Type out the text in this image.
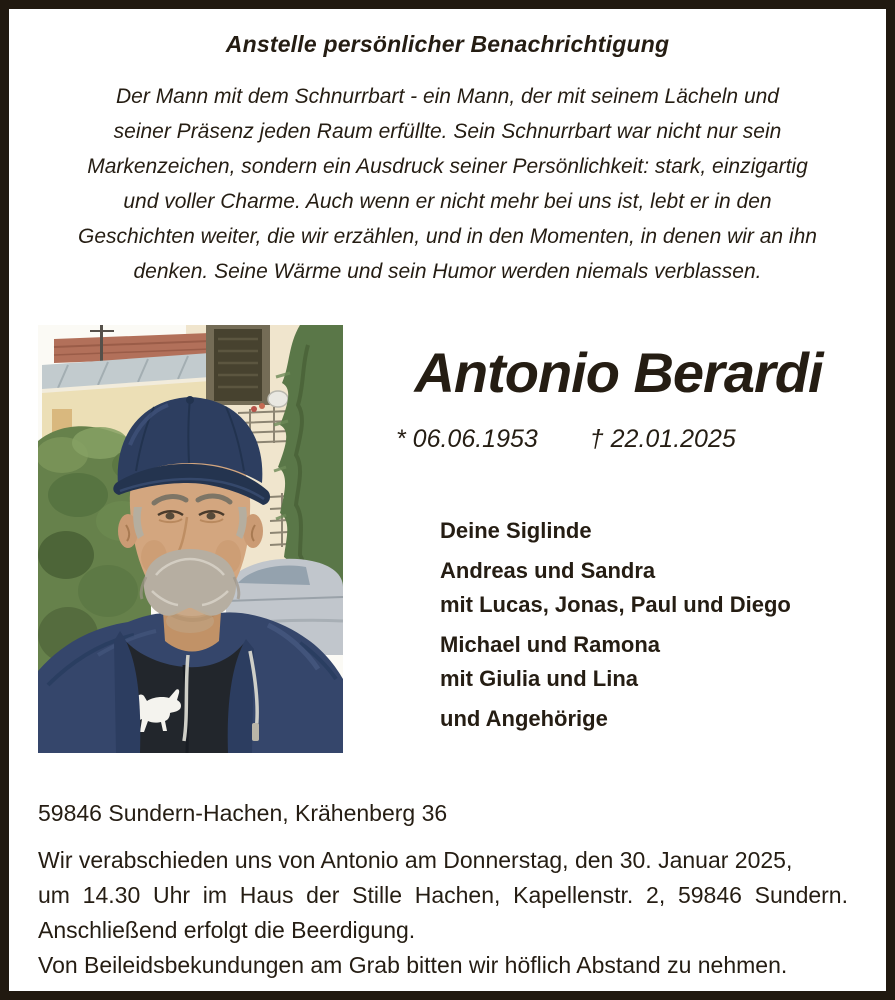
Anstelle persönlicher Benachrichtigung
Der Mann mit dem Schnurrbart - ein Mann, der mit seinem Lächeln und
seiner Präsenz jeden Raum erfüllte. Sein Schnurrbart war nicht nur sein
Markenzeichen, sondern ein Ausdruck seiner Persönlichkeit: stark, einzigartig
und voller Charme. Auch wenn er nicht mehr bei uns ist, lebt er in den
Geschichten weiter, die wir erzählen, und in den Momenten, in denen wir an ihn
denken. Seine Wärme und sein Humor werden niemals verblassen.
Antonio Berardi
* 06.06.1953 † 22.01.2025
Deine Siglinde
Andreas und Sandra
mit Lucas, Jonas, Paul und Diego
Michael und Ramona
mit Giulia und Lina
und Angehörige
59846 Sundern-Hachen, Krähenberg 36
Wir verabschieden uns von Antonio am Donnerstag, den 30. Januar 2025,
um 14.30 Uhr im Haus der Stille Hachen, Kapellenstr. 2, 59846 Sundern.
Anschließend erfolgt die Beerdigung.
Von Beileidsbekundungen am Grab bitten wir höflich Abstand zu nehmen.
